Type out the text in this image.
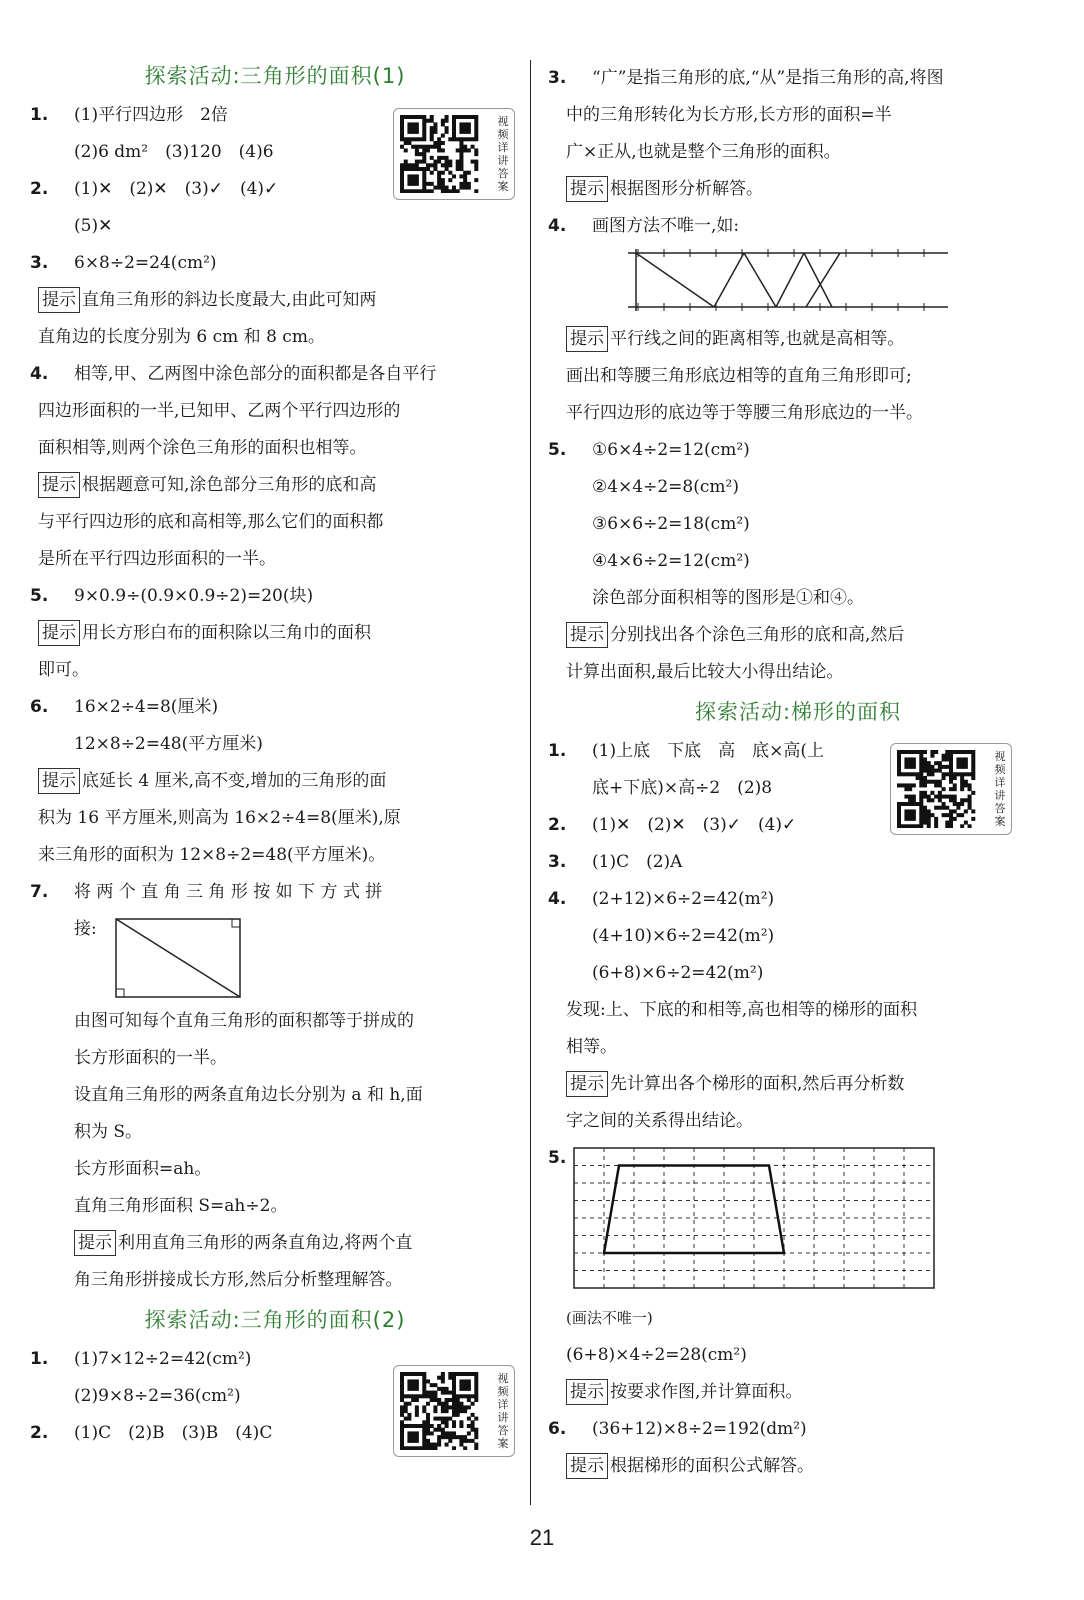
探索活动:三角形的面积(1)
1. (1)平行四边形　2倍
(2)6 dm²　(3)120　(4)6
2. (1)✕　(2)✕　(3)✓　(4)✓
(5)✕
3. 6×8÷2=24(cm²)
提示 直角三角形的斜边长度最大,由此可知两
直角边的长度分别为 6 cm 和 8 cm。
4. 相等,甲、乙两图中涂色部分的面积都是各自平行
四边形面积的一半,已知甲、乙两个平行四边形的
面积相等,则两个涂色三角形的面积也相等。
提示 根据题意可知,涂色部分三角形的底和高
与平行四边形的底和高相等,那么它们的面积都
是所在平行四边形面积的一半。
5. 9×0.9÷(0.9×0.9÷2)=20(块)
提示 用长方形白布的面积除以三角巾的面积
即可。
6. 16×2÷4=8(厘米)
12×8÷2=48(平方厘米)
提示 底延长 4 厘米,高不变,增加的三角形的面
积为 16 平方厘米,则高为 16×2÷4=8(厘米),原
来三角形的面积为 12×8÷2=48(平方厘米)。
7. 将 两 个 直 角 三 角 形 按 如 下 方 式 拼
接:
由图可知每个直角三角形的面积都等于拼成的
长方形面积的一半。
设直角三角形的两条直角边长分别为 a 和 h,面
积为 S。
长方形面积=ah。
直角三角形面积 S=ah÷2。
提示 利用直角三角形的两条直角边,将两个直
角三角形拼接成长方形,然后分析整理解答。
探索活动:三角形的面积(2)
1. (1)7×12÷2=42(cm²)
(2)9×8÷2=36(cm²)
2. (1)C　(2)B　(3)B　(4)C
视频详讲答案
视频详讲答案
视频详讲答案
3. “广”是指三角形的底,“从”是指三角形的高,将图
中的三角形转化为长方形,长方形的面积=半
广×正从,也就是整个三角形的面积。
提示 根据图形分析解答。
4. 画图方法不唯一,如:
提示 平行线之间的距离相等,也就是高相等。
画出和等腰三角形底边相等的直角三角形即可;
平行四边形的底边等于等腰三角形底边的一半。
5. ①6×4÷2=12(cm²)
②4×4÷2=8(cm²)
③6×6÷2=18(cm²)
④4×6÷2=12(cm²)
涂色部分面积相等的图形是①和④。
提示 分别找出各个涂色三角形的底和高,然后
计算出面积,最后比较大小得出结论。
探索活动:梯形的面积
1. (1)上底　下底　高　底×高(上
底+下底)×高÷2　(2)8
2. (1)✕　(2)✕　(3)✓　(4)✓
3. (1)C　(2)A
4. (2+12)×6÷2=42(m²)
(4+10)×6÷2=42(m²)
(6+8)×6÷2=42(m²)
发现:上、下底的和相等,高也相等的梯形的面积
相等。
提示 先计算出各个梯形的面积,然后再分析数
字之间的关系得出结论。
5.
(画法不唯一)
(6+8)×4÷2=28(cm²)
提示 按要求作图,并计算面积。
6. (36+12)×8÷2=192(dm²)
提示 根据梯形的面积公式解答。
21
